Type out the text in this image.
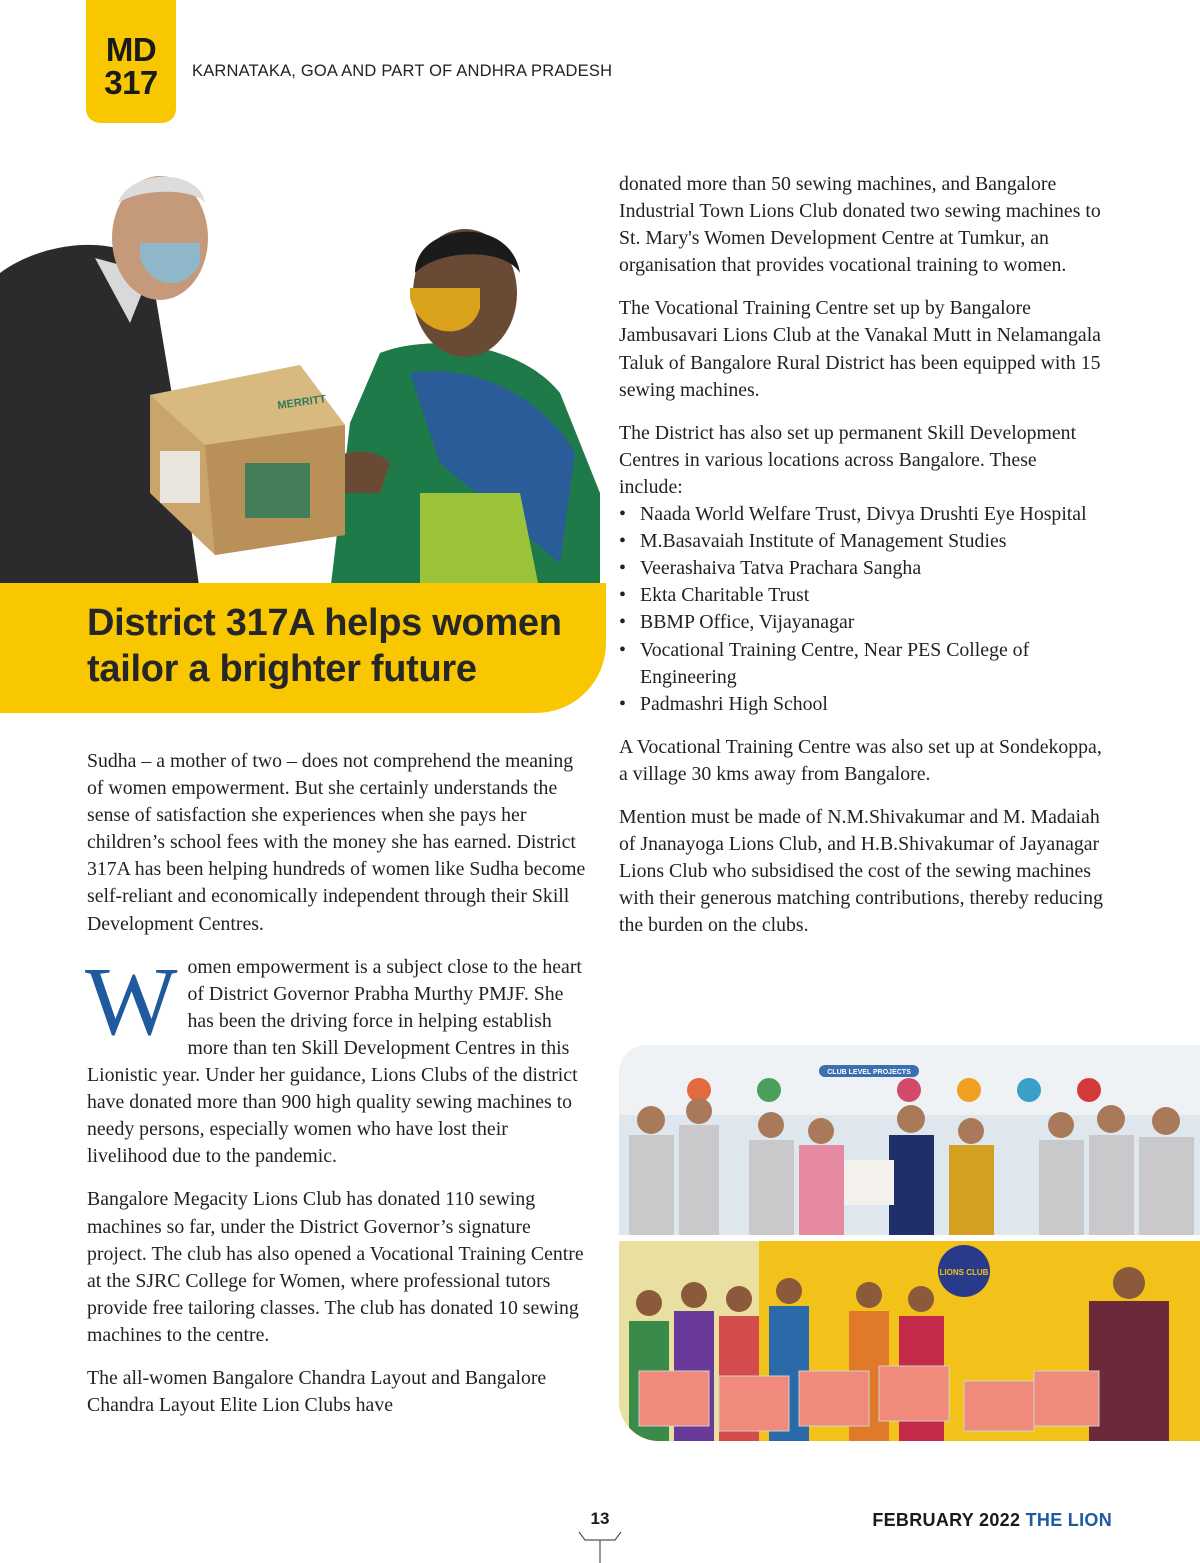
MD
317 KARNATAKA, GOA AND PART OF ANDHRA PRADESH
MERRITT
District 317A helps women
tailor a brighter future

Sudha – a mother of two – does not comprehend the meaning of women empowerment. But she certainly understands the sense of satisfaction she experiences when she pays her children’s school fees with the money she has earned. District 317A has been helping hundreds of women like Sudha become self-reliant and economically independent through their Skill Development Centres.

Women empowerment is a subject close to the heart of District Governor Prabha Murthy PMJF. She has been the driving force in helping establish more than ten Skill Development Centres in this Lionistic year. Under her guidance, Lions Clubs of the district have donated more than 900 high quality sewing machines to needy persons, especially women who have lost their livelihood due to the pandemic.

Bangalore Megacity Lions Club has donated 110 sewing machines so far, under the District Governor’s signature project. The club has also opened a Vocational Training Centre at the SJRC College for Women, where professional tutors provide free tailoring classes. The club has donated 10 sewing machines to the centre.

The all-women Bangalore Chandra Layout and Bangalore Chandra Layout Elite Lion Clubs have

donated more than 50 sewing machines, and Bangalore Industrial Town Lions Club donated two sewing machines to St. Mary's Women Development Centre at Tumkur, an organisation that provides vocational training to women.

The Vocational Training Centre set up by Bangalore Jambusavari Lions Club at the Vanakal Mutt in Nelamangala Taluk of Bangalore Rural District has been equipped with 15 sewing machines.

The District has also set up permanent Skill Development Centres in various locations across Bangalore. These include:

• Naada World Welfare Trust, Divya Drushti Eye Hospital
• M.Basavaiah Institute of Management Studies
• Veerashaiva Tatva Prachara Sangha
• Ekta Charitable Trust
• BBMP Office, Vijayanagar
• Vocational Training Centre, Near PES College of Engineering
• Padmashri High School

A Vocational Training Centre was also set up at Sondekoppa, a village 30 kms away from Bangalore.

Mention must be made of N.M.Shivakumar and M. Madaiah of Jnanayoga Lions Club, and H.B.Shivakumar of Jayanagar Lions Club who subsidised the cost of the sewing machines with their generous matching contributions, thereby reducing the burden on the clubs.

CLUB LEVEL PROJECTS
LIONS CLUB
13	FEBRUARY 2022 THE LION
